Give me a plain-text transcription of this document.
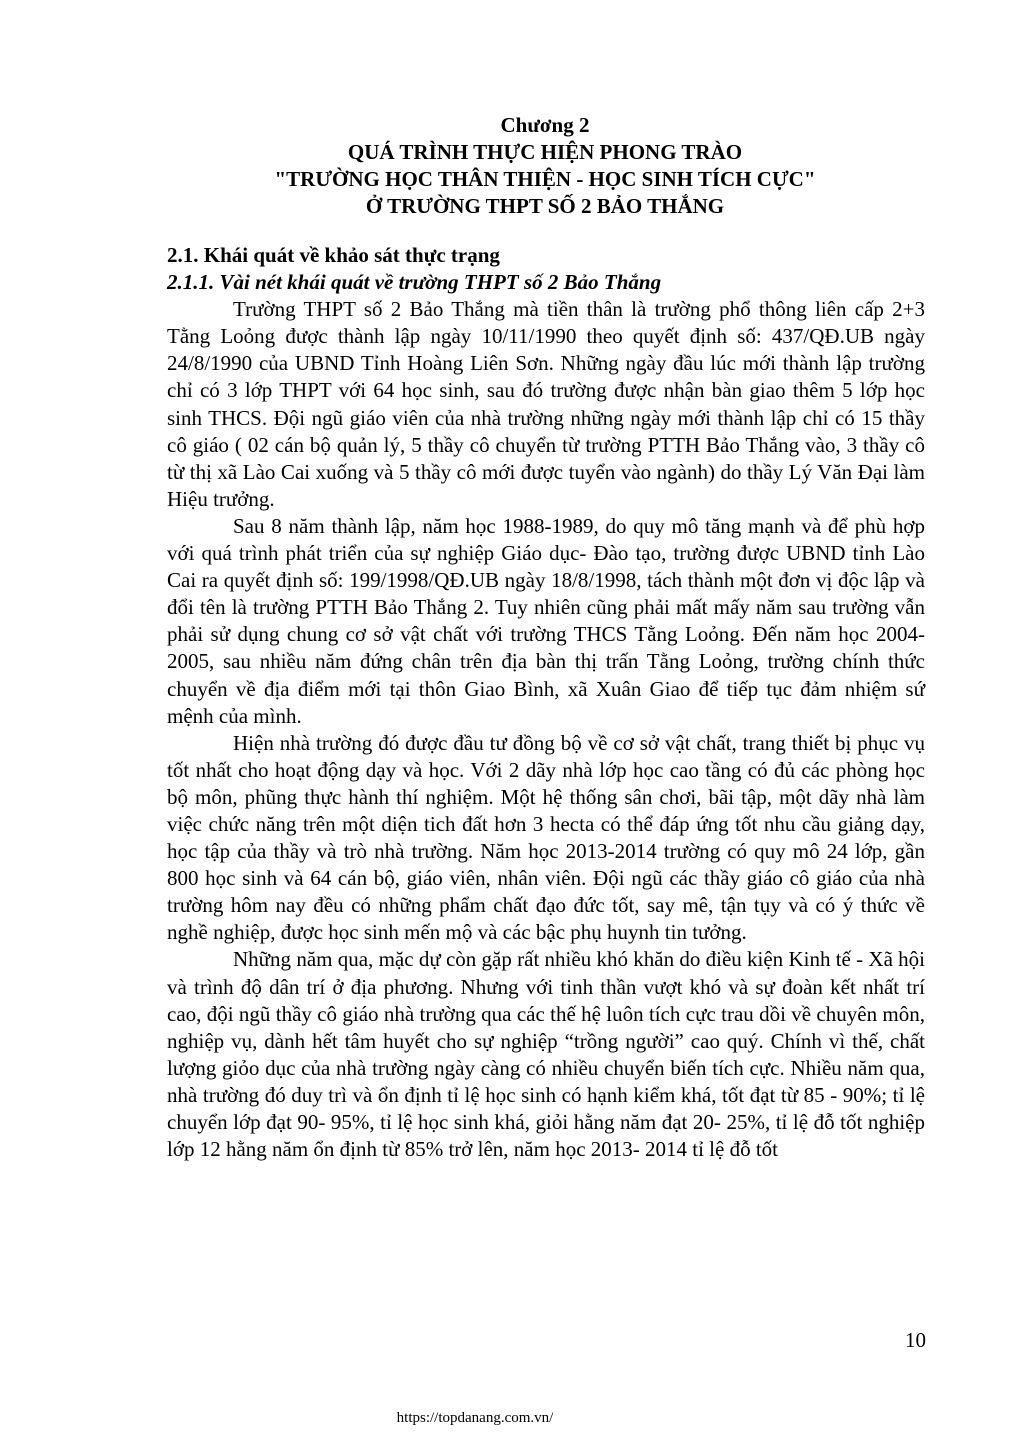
Chương 2
QUÁ TRÌNH THỰC HIỆN PHONG TRÀO
"TRƯỜNG HỌC THÂN THIỆN - HỌC SINH TÍCH CỰC"
Ở TRƯỜNG THPT SỐ 2 BẢO THẮNG

2.1. Khái quát về khảo sát thực trạng

2.1.1. Vài nét khái quát về trường THPT số 2 Bảo Thắng

Trường THPT số 2 Bảo Thắng mà tiền thân là trường phổ thông liên cấp 2+3 Tằng Loỏng được thành lập ngày 10/11/1990 theo quyết định số: 437/QĐ.UB ngày 24/8/1990 của UBND Tỉnh Hoàng Liên Sơn. Những ngày đầu lúc mới thành lập trường chỉ có 3 lớp THPT với 64 học sinh, sau đó trường được nhận bàn giao thêm 5 lớp học sinh THCS. Đội ngũ giáo viên của nhà trường những ngày mới thành lập chỉ có 15 thầy cô giáo ( 02 cán bộ quản lý, 5 thầy cô chuyển từ trường PTTH Bảo Thắng vào, 3 thầy cô từ thị xã Lào Cai xuống và 5 thầy cô mới được tuyển vào ngành) do thầy Lý Văn Đại làm Hiệu trưởng.

Sau 8 năm thành lập, năm học 1988-1989, do quy mô tăng mạnh và để phù hợp với quá trình phát triển của sự nghiệp Giáo dục- Đào tạo, trường được UBND tỉnh Lào Cai ra quyết định số: 199/1998/QĐ.UB ngày 18/8/1998, tách thành một đơn vị độc lập và đổi tên là trường PTTH Bảo Thắng 2. Tuy nhiên cũng phải mất mấy năm sau trường vẫn phải sử dụng chung cơ sở vật chất với trường THCS Tằng Loỏng. Đến năm học 2004-2005, sau nhiều năm đứng chân trên địa bàn thị trấn Tằng Loỏng, trường chính thức chuyển về địa điểm mới tại thôn Giao Bình, xã Xuân Giao để tiếp tục đảm nhiệm sứ mệnh của mình.

Hiện nhà trường đó được đầu tư đồng bộ về cơ sở vật chất, trang thiết bị phục vụ tốt nhất cho hoạt động dạy và học. Với 2 dãy nhà lớp học cao tầng có đủ các phòng học bộ môn, phũng thực hành thí nghiệm. Một hệ thống sân chơi, bãi tập, một dãy nhà làm việc chức năng trên một diện tich đất hơn 3 hecta có thể đáp ứng tốt nhu cầu giảng dạy, học tập của thầy và trò nhà trường. Năm học 2013-2014 trường có quy mô 24 lớp, gần 800 học sinh và 64 cán bộ, giáo viên, nhân viên. Đội ngũ các thầy giáo cô giáo của nhà trường hôm nay đều có những phẩm chất đạo đức tốt, say mê, tận tụy và có ý thức về nghề nghiệp, được học sinh mến mộ và các bậc phụ huynh tin tưởng.

Những năm qua, mặc dự còn gặp rất nhiều khó khăn do điều kiện Kinh tế - Xã hội và trình độ dân trí ở địa phương. Nhưng với tinh thần vượt khó và sự đoàn kết nhất trí cao, đội ngũ thầy cô giáo nhà trường qua các thế hệ luôn tích cực trau dồi về chuyên môn, nghiệp vụ, dành hết tâm huyết cho sự nghiệp “trồng người” cao quý. Chính vì thế, chất lượng giỏo dục của nhà trường ngày càng có nhiều chuyển biến tích cực. Nhiều năm qua, nhà trường đó duy trì và ổn định tỉ lệ học sinh có hạnh kiểm khá, tốt đạt từ 85 - 90%; tỉ lệ chuyển lớp đạt 90- 95%, tỉ lệ học sinh khá, giỏi hằng năm đạt 20- 25%, tỉ lệ đỗ tốt nghiệp lớp 12 hằng năm ổn định từ 85% trở lên, năm học 2013- 2014 tỉ lệ đỗ tốt

10
https://topdanang.com.vn/
